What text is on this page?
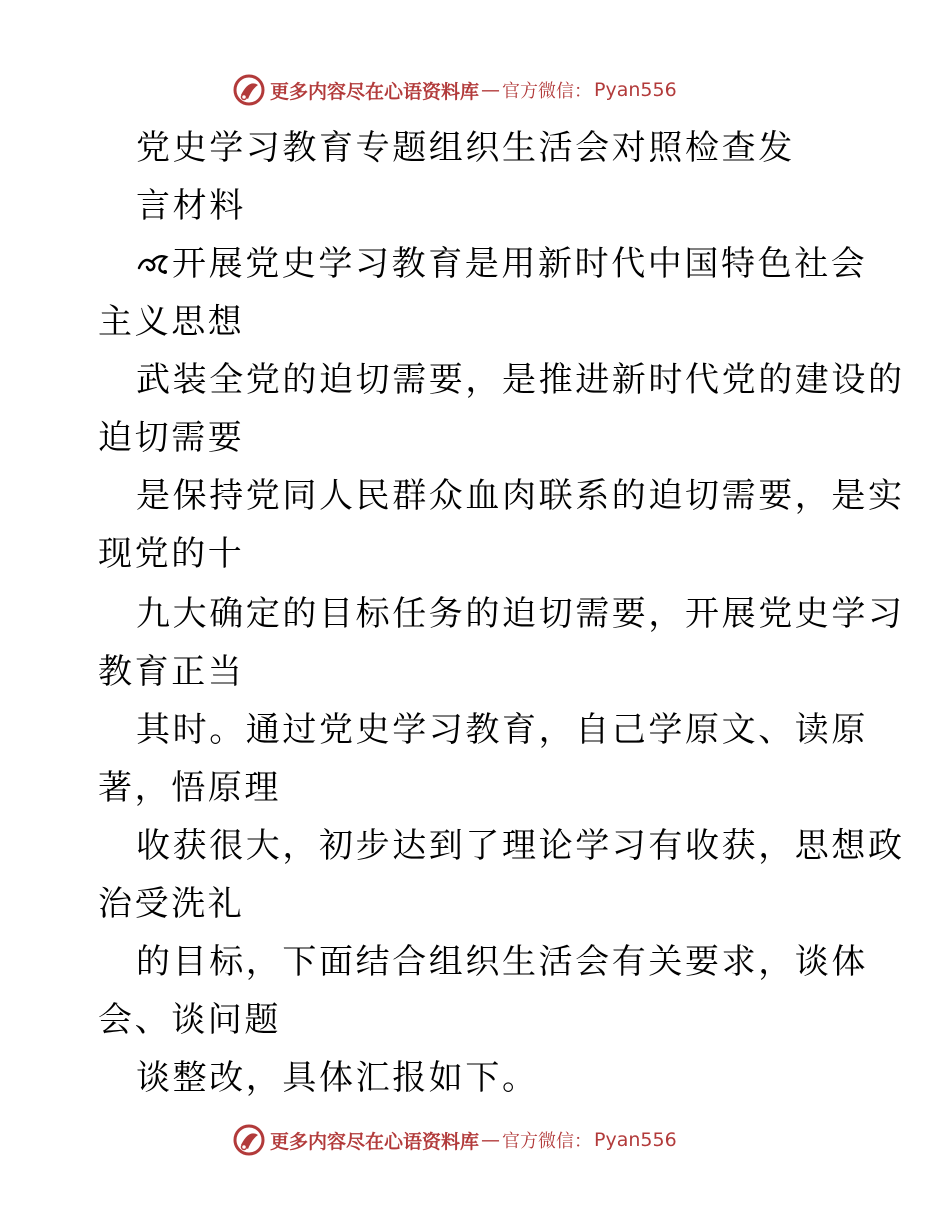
更多内容尽在心语资料库 — 官方微信： Pyan556
党史学习教育专题组织生活会对照检查发
言材料
开展党史学习教育是用新时代中国特色社会
主义思想
武装全党的迫切需要，是推进新时代党的建设的
迫切需要
是保持党同人民群众血肉联系的迫切需要，是实
现党的十
九大确定的目标任务的迫切需要，开展党史学习
教育正当
其时。通过党史学习教育，自己学原文、读原
著，悟原理
收获很大，初步达到了理论学习有收获，思想政
治受洗礼
的目标，下面结合组织生活会有关要求，谈体
会、谈问题
谈整改，具体汇报如下。
更多内容尽在心语资料库 — 官方微信： Pyan556
